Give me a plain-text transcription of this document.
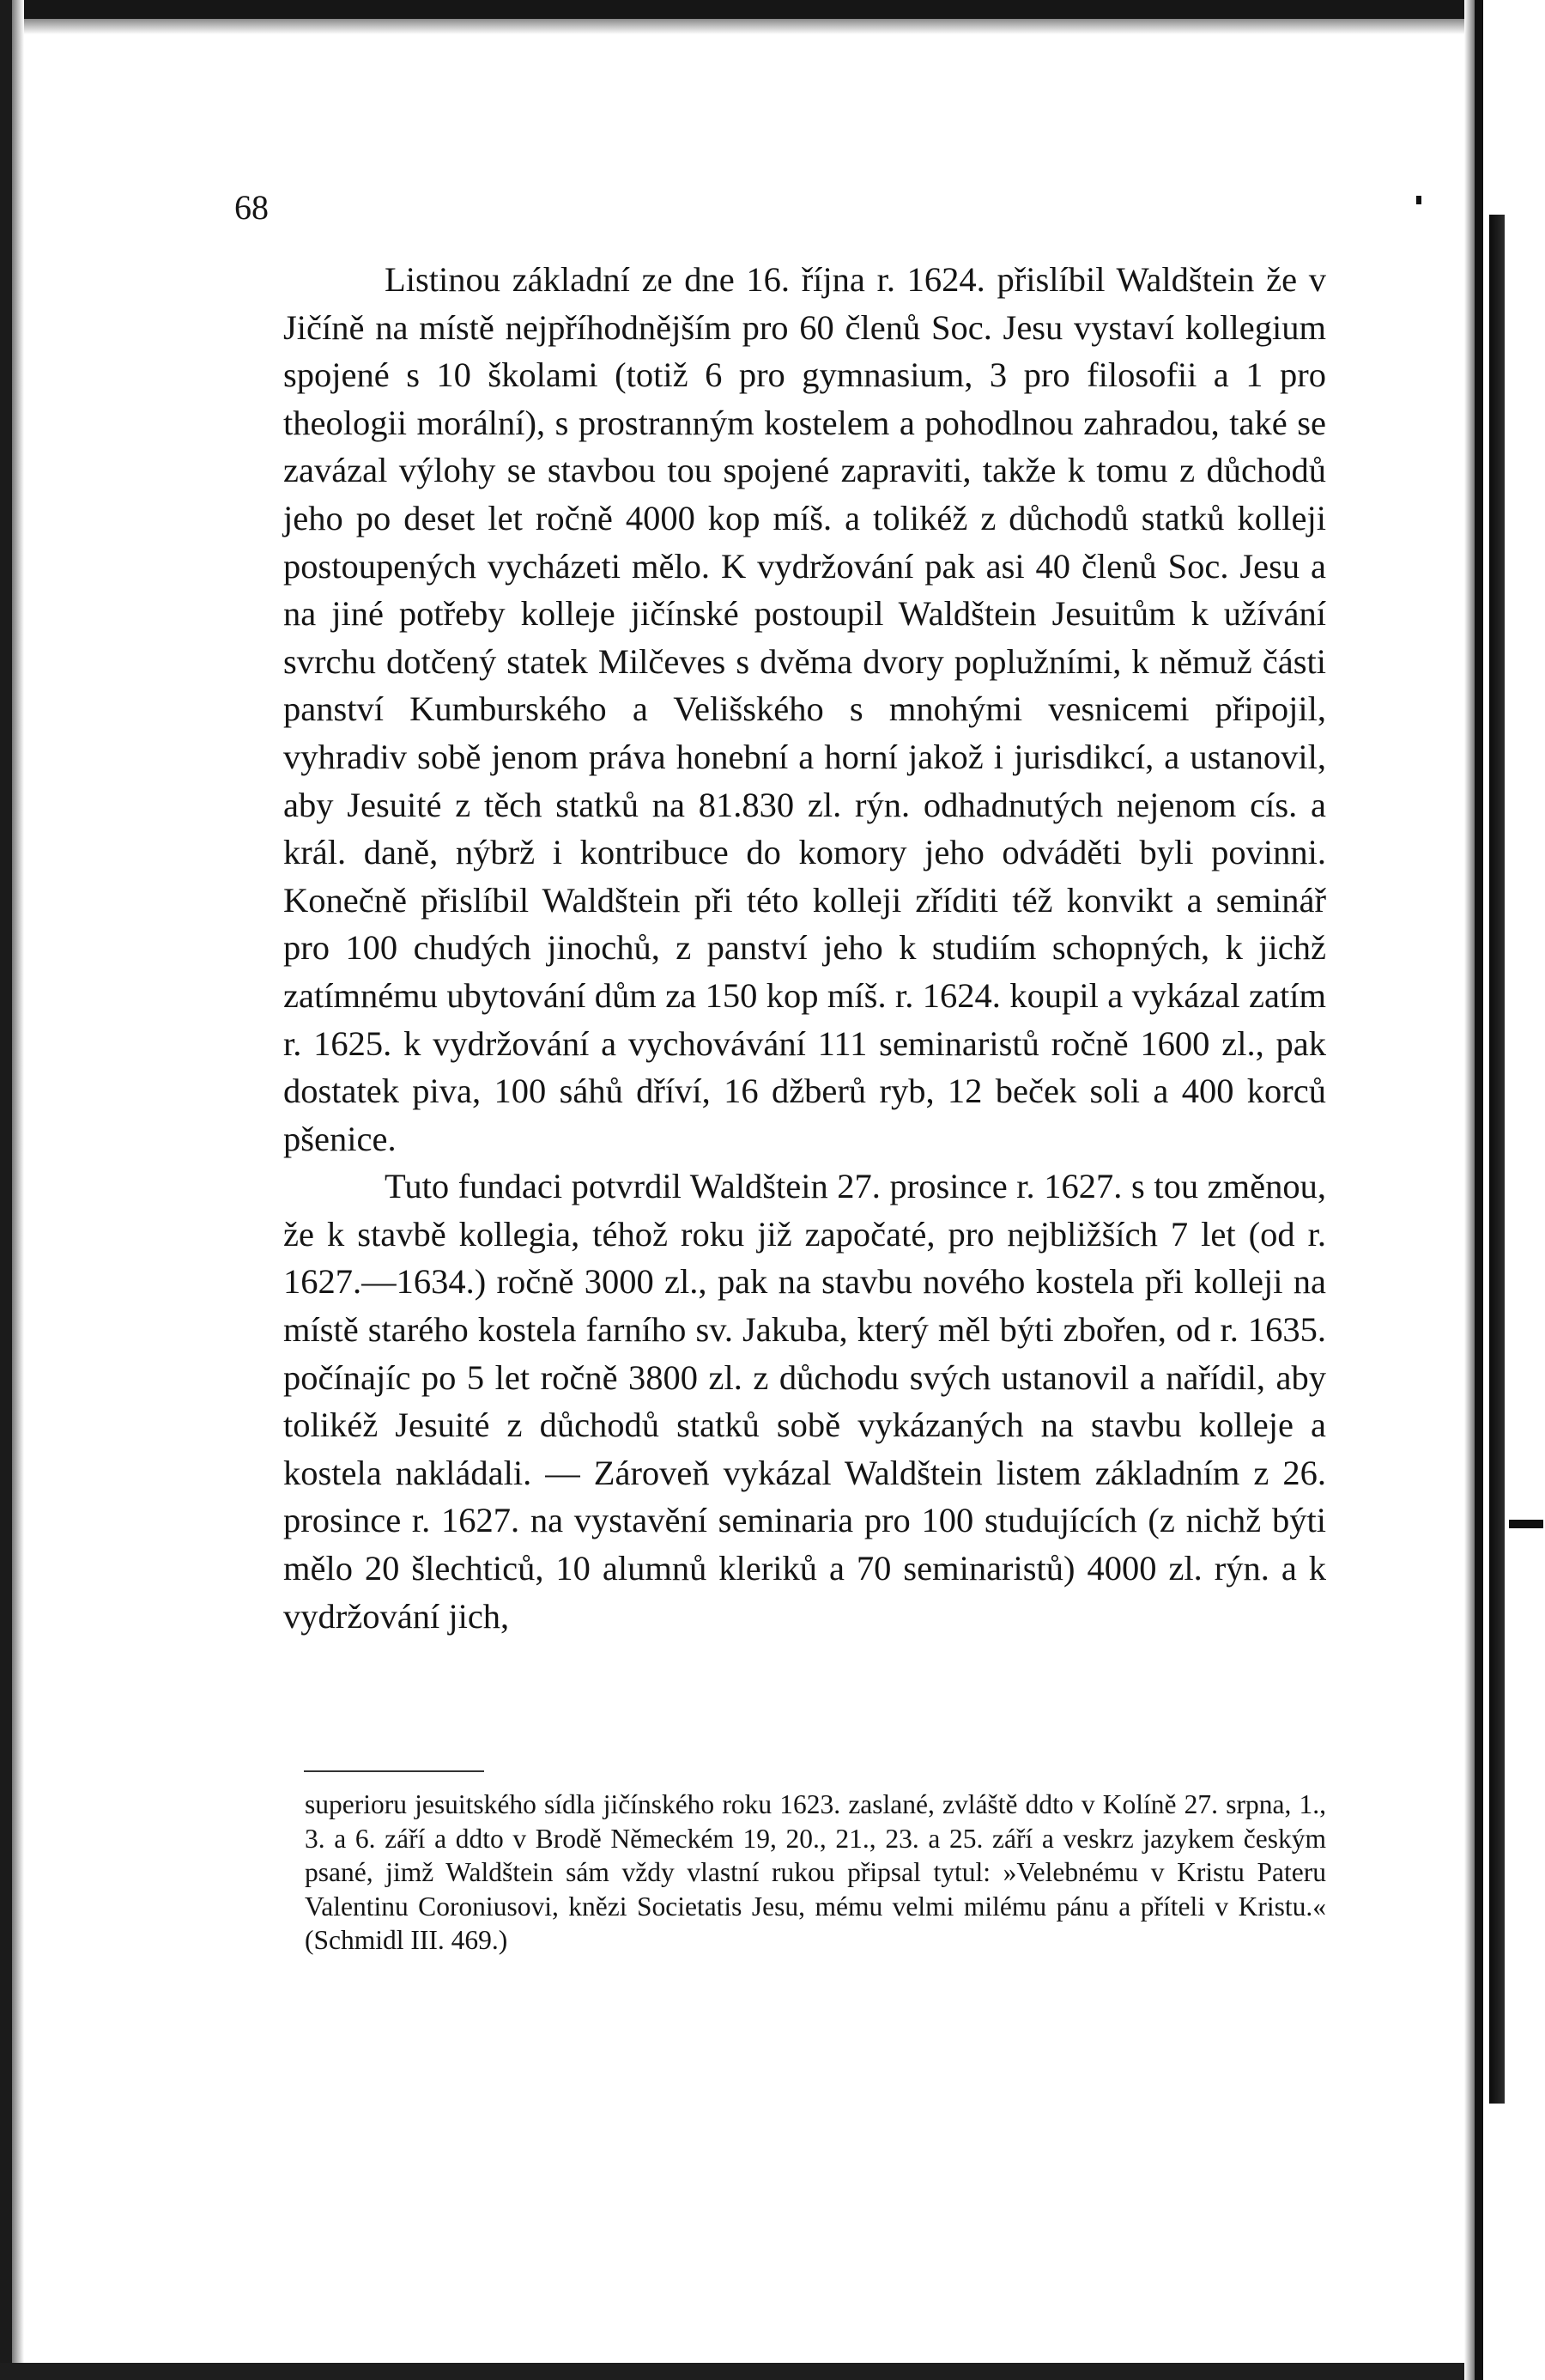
68

Listinou základní ze dne 16. října r. 1624. přislíbil Waldštein že v Jičíně na místě nejpříhodnějším pro 60 členů Soc. Jesu vystaví kollegium spojené s 10 školami (totiž 6 pro gymnasium, 3 pro filosofii a 1 pro theologii morální), s prostranným kostelem a pohodlnou zahradou, také se zavázal výlohy se stavbou tou spojené zapraviti, takže k tomu z důchodů jeho po deset let ročně 4000 kop míš. a tolikéž z důchodů statků kolleji postoupených vycházeti mělo. K vydržování pak asi 40 členů Soc. Jesu a na jiné potřeby kolleje jičínské postoupil Waldštein Jesuitům k užívání svrchu dotčený statek Milčeves s dvěma dvory poplužními, k němuž části panství Kumburského a Velišského s mnohými vesnicemi připojil, vyhradiv sobě jenom práva honební a horní jakož i jurisdikcí, a ustanovil, aby Jesuité z těch statků na 81.830 zl. rýn. odhadnutých nejenom cís. a král. daně, nýbrž i kontribuce do komory jeho odváděti byli povinni. Konečně přislíbil Waldštein při této kolleji zříditi též konvikt a seminář pro 100 chudých jinochů, z panství jeho k studiím schopných, k jichž zatímnému ubytování dům za 150 kop míš. r. 1624. koupil a vykázal zatím r. 1625. k vydržování a vychovávání 111 seminaristů ročně 1600 zl., pak dostatek piva, 100 sáhů dříví, 16 džberů ryb, 12 beček soli a 400 korců pšenice.

Tuto fundaci potvrdil Waldštein 27. prosince r. 1627. s tou změnou, že k stavbě kollegia, téhož roku již započaté, pro nejbližších 7 let (od r. 1627.—1634.) ročně 3000 zl., pak na stavbu nového kostela při kolleji na místě starého kostela farního sv. Jakuba, který měl býti zbořen, od r. 1635. počínajíc po 5 let ročně 3800 zl. z důchodu svých ustanovil a nařídil, aby tolikéž Jesuité z důchodů statků sobě vykázaných na stavbu kolleje a kostela nakládali. — Zároveň vykázal Waldštein listem základním z 26. prosince r. 1627. na vystavění seminaria pro 100 studujících (z nichž býti mělo 20 šlechticů, 10 alumnů kleriků a 70 seminaristů) 4000 zl. rýn. a k vydržování jich,

superioru jesuitského sídla jičínského roku 1623. zaslané, zvláště ddto v Kolíně 27. srpna, 1., 3. a 6. září a ddto v Brodě Německém 19, 20., 21., 23. a 25. září a veskrz jazykem českým psané, jimž Waldštein sám vždy vlastní rukou připsal tytul: »Velebnému v Kristu Pateru Valentinu Coroniusovi, knězi Societatis Jesu, mému velmi milému pánu a příteli v Kristu.« (Schmidl III. 469.)
